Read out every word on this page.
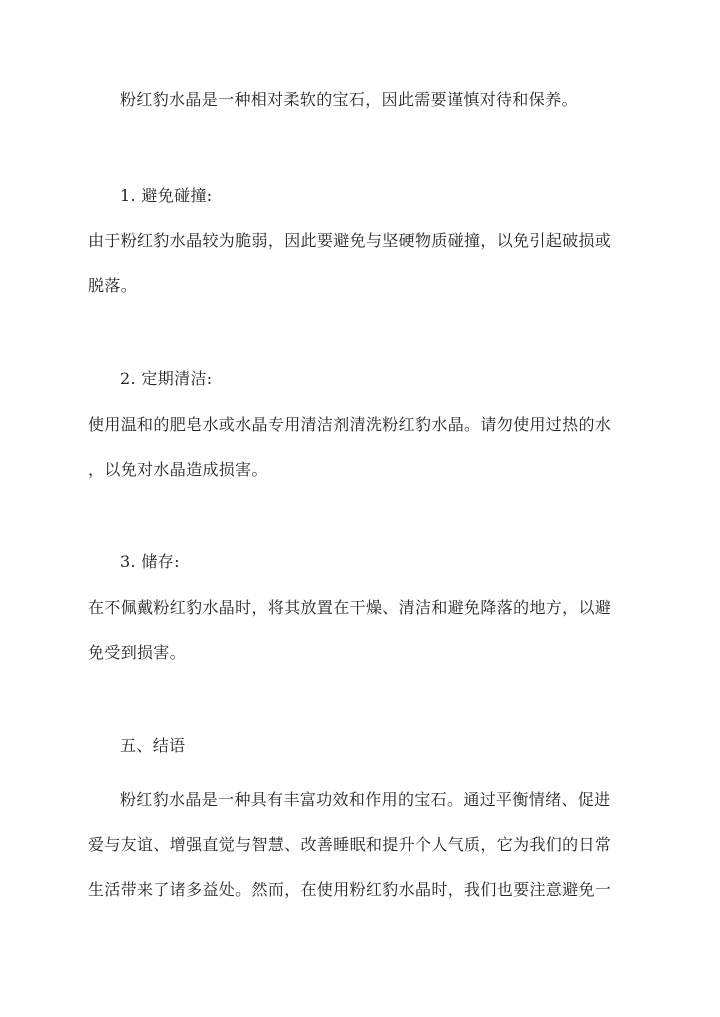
粉红豹水晶是一种相对柔软的宝石，因此需要谨慎对待和保养。
1. 避免碰撞:
由于粉红豹水晶较为脆弱，因此要避免与坚硬物质碰撞，以免引起破损或
脱落。
2. 定期清洁:
使用温和的肥皂水或水晶专用清洁剂清洗粉红豹水晶。请勿使用过热的水
，以免对水晶造成损害。
3. 储存:
在不佩戴粉红豹水晶时，将其放置在干燥、清洁和避免降落的地方，以避
免受到损害。
五、结语
粉红豹水晶是一种具有丰富功效和作用的宝石。通过平衡情绪、促进
爱与友谊、增强直觉与智慧、改善睡眠和提升个人气质，它为我们的日常
生活带来了诸多益处。然而，在使用粉红豹水晶时，我们也要注意避免一
